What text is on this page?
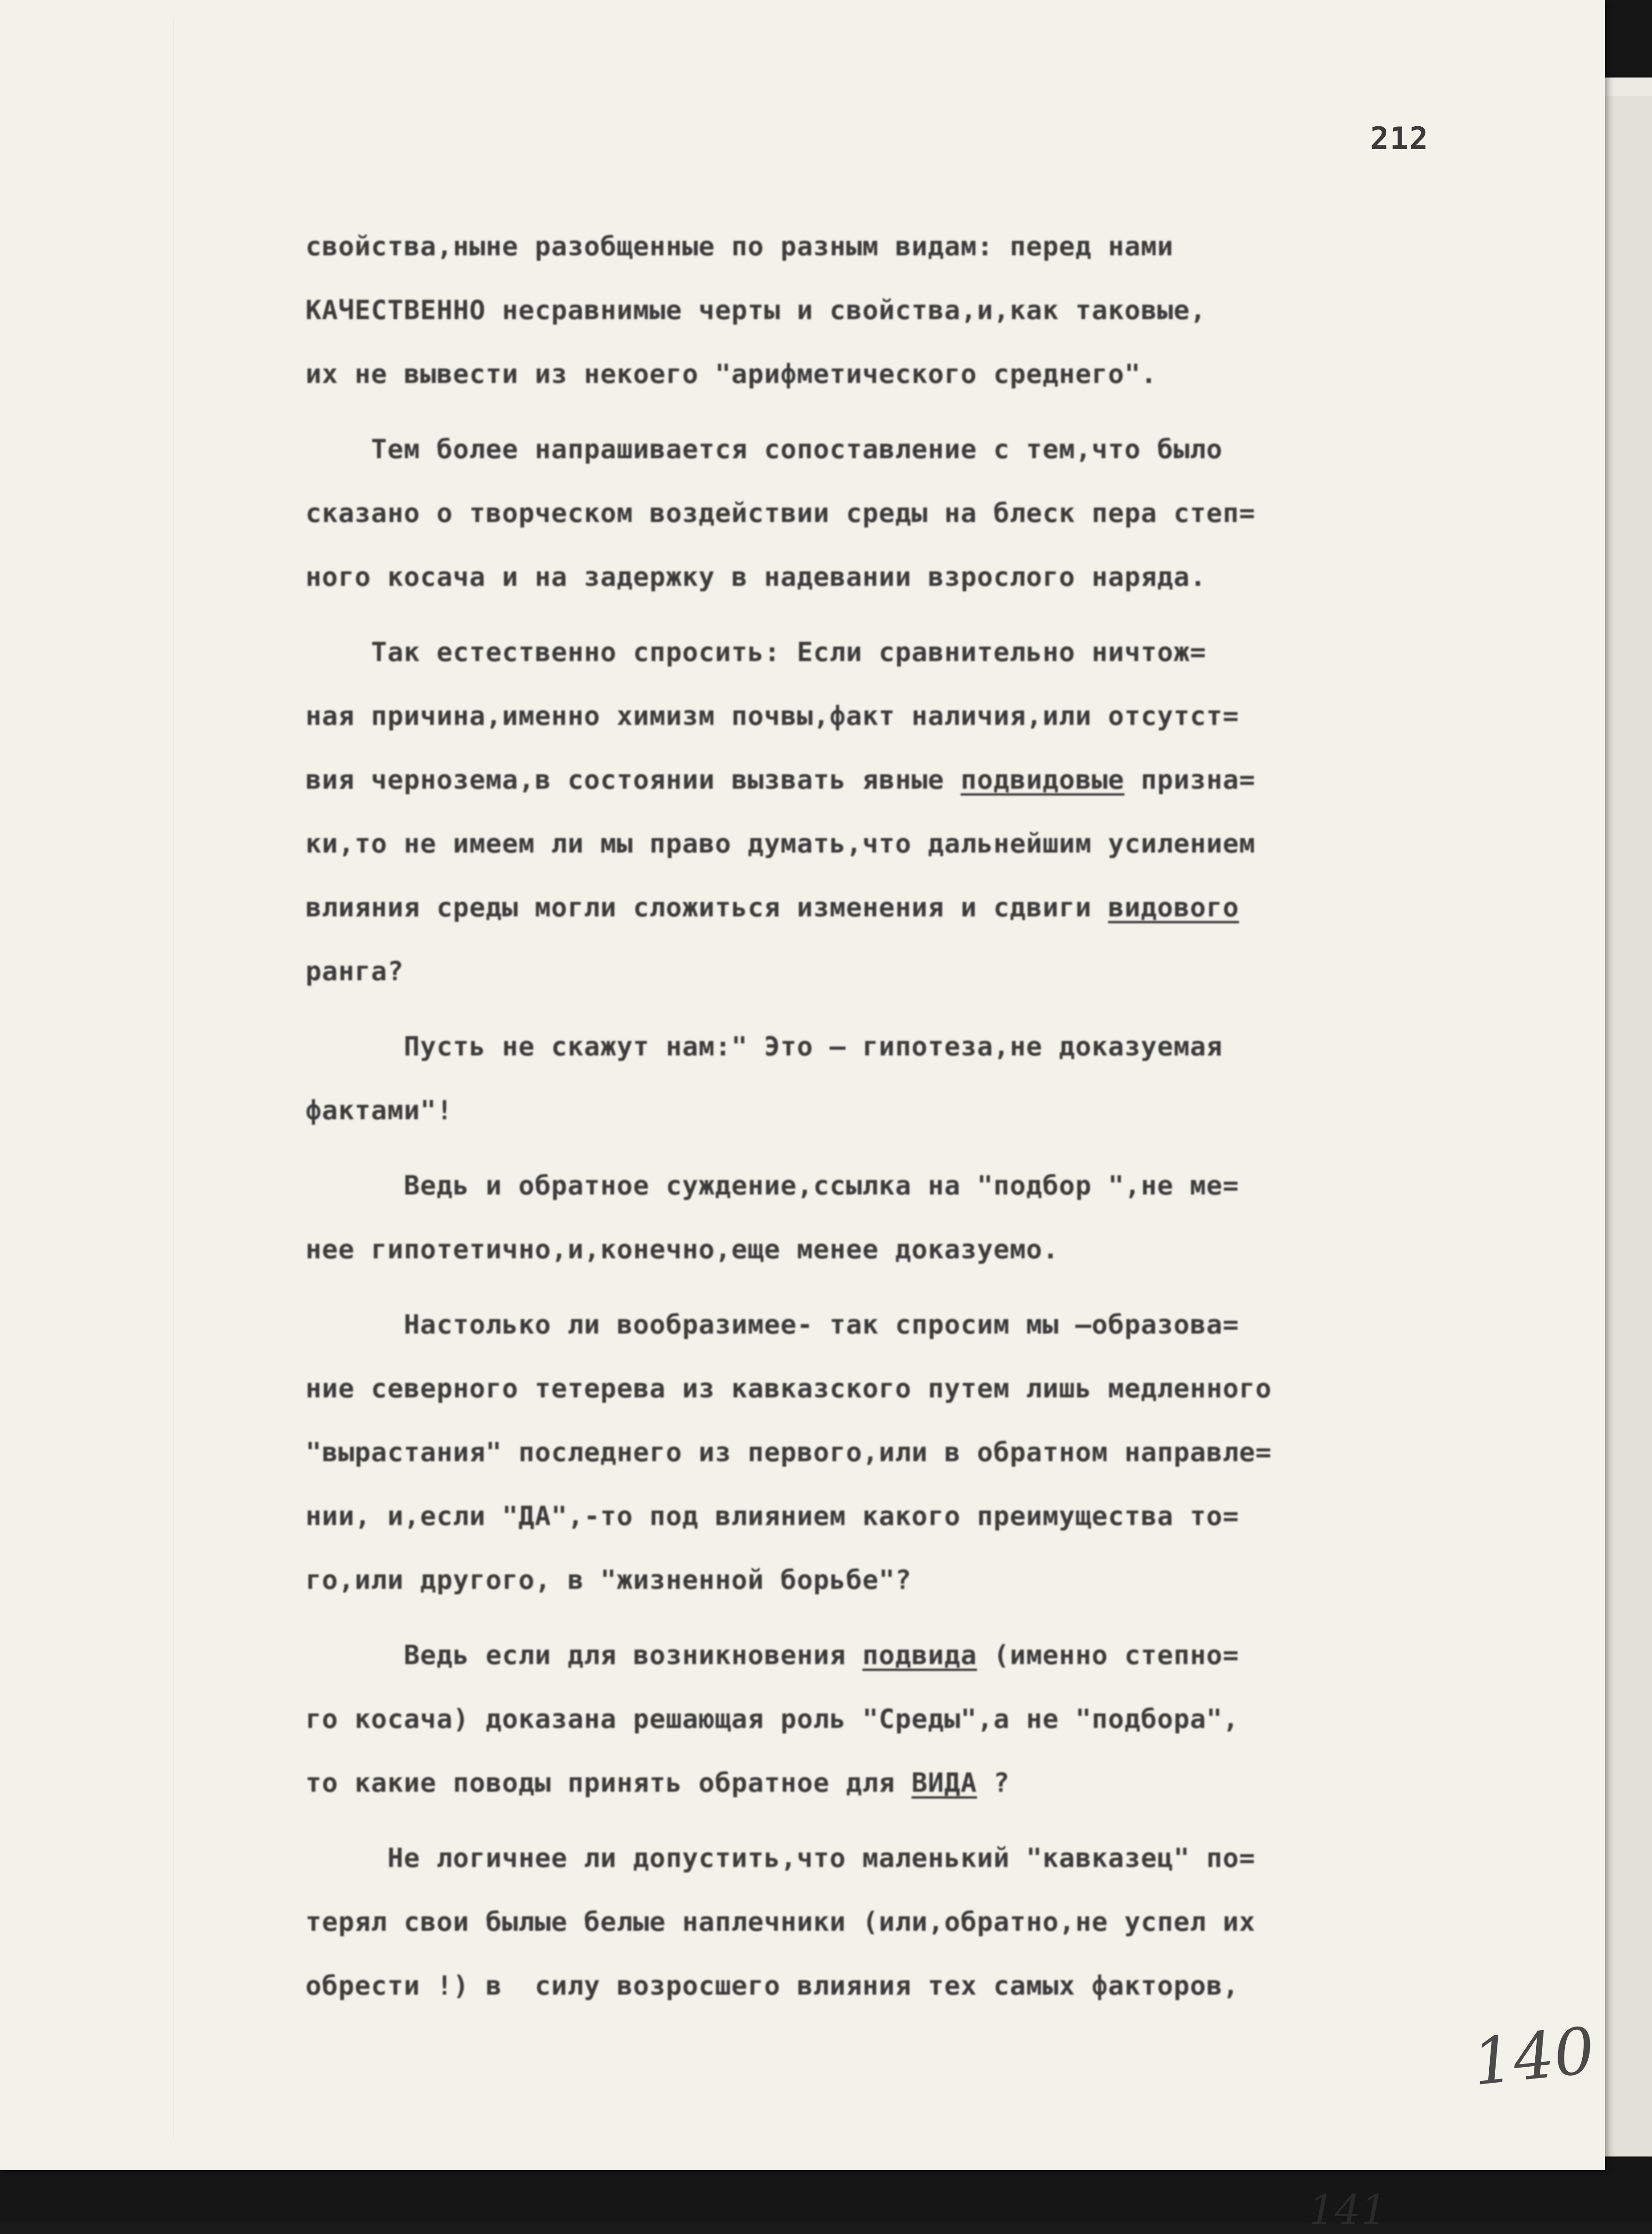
212
свойства,ныне разобщенные по разным видам: перед нами
КАЧЕСТВЕННО несравнимые черты и свойства,и,как таковые,
их не вывести из некоего "арифметического среднего".
Тем более напрашивается сопоставление с тем,что было
сказано о творческом воздействии среды на блеск пера степ=
ного косача и на задержку в надевании взрослого наряда.
Так естественно спросить: Если сравнительно ничтож=
ная причина,именно химизм почвы,факт наличия,или отсутст=
вия чернозема,в состоянии вызвать явные подвидовые призна=
ки,то не имеем ли мы право думать,что дальнейшим усилением
влияния среды могли сложиться изменения и сдвиги видового
ранга?
Пусть не скажут нам:" Это – гипотеза,не доказуемая
фактами"!
Ведь и обратное суждение,ссылка на "подбор ",не ме=
нее гипотетично,и,конечно,еще менее доказуемо.
Настолько ли вообразимее- так спросим мы –образова=
ние северного тетерева из кавказского путем лишь медленного
"вырастания" последнего из первого,или в обратном направле=
нии, и,если "ДА",-то под влиянием какого преимущества то=
го,или другого, в "жизненной борьбе"?
Ведь если для возникновения подвида (именно степно=
го косача) доказана решающая роль "Среды",а не "подбора",
то какие поводы принять обратное для ВИДА ?
Не логичнее ли допустить,что маленький "кавказец" по=
терял свои былые белые наплечники (или,обратно,не успел их
обрести !) в  силу возросшего влияния тех самых факторов,
140
141
